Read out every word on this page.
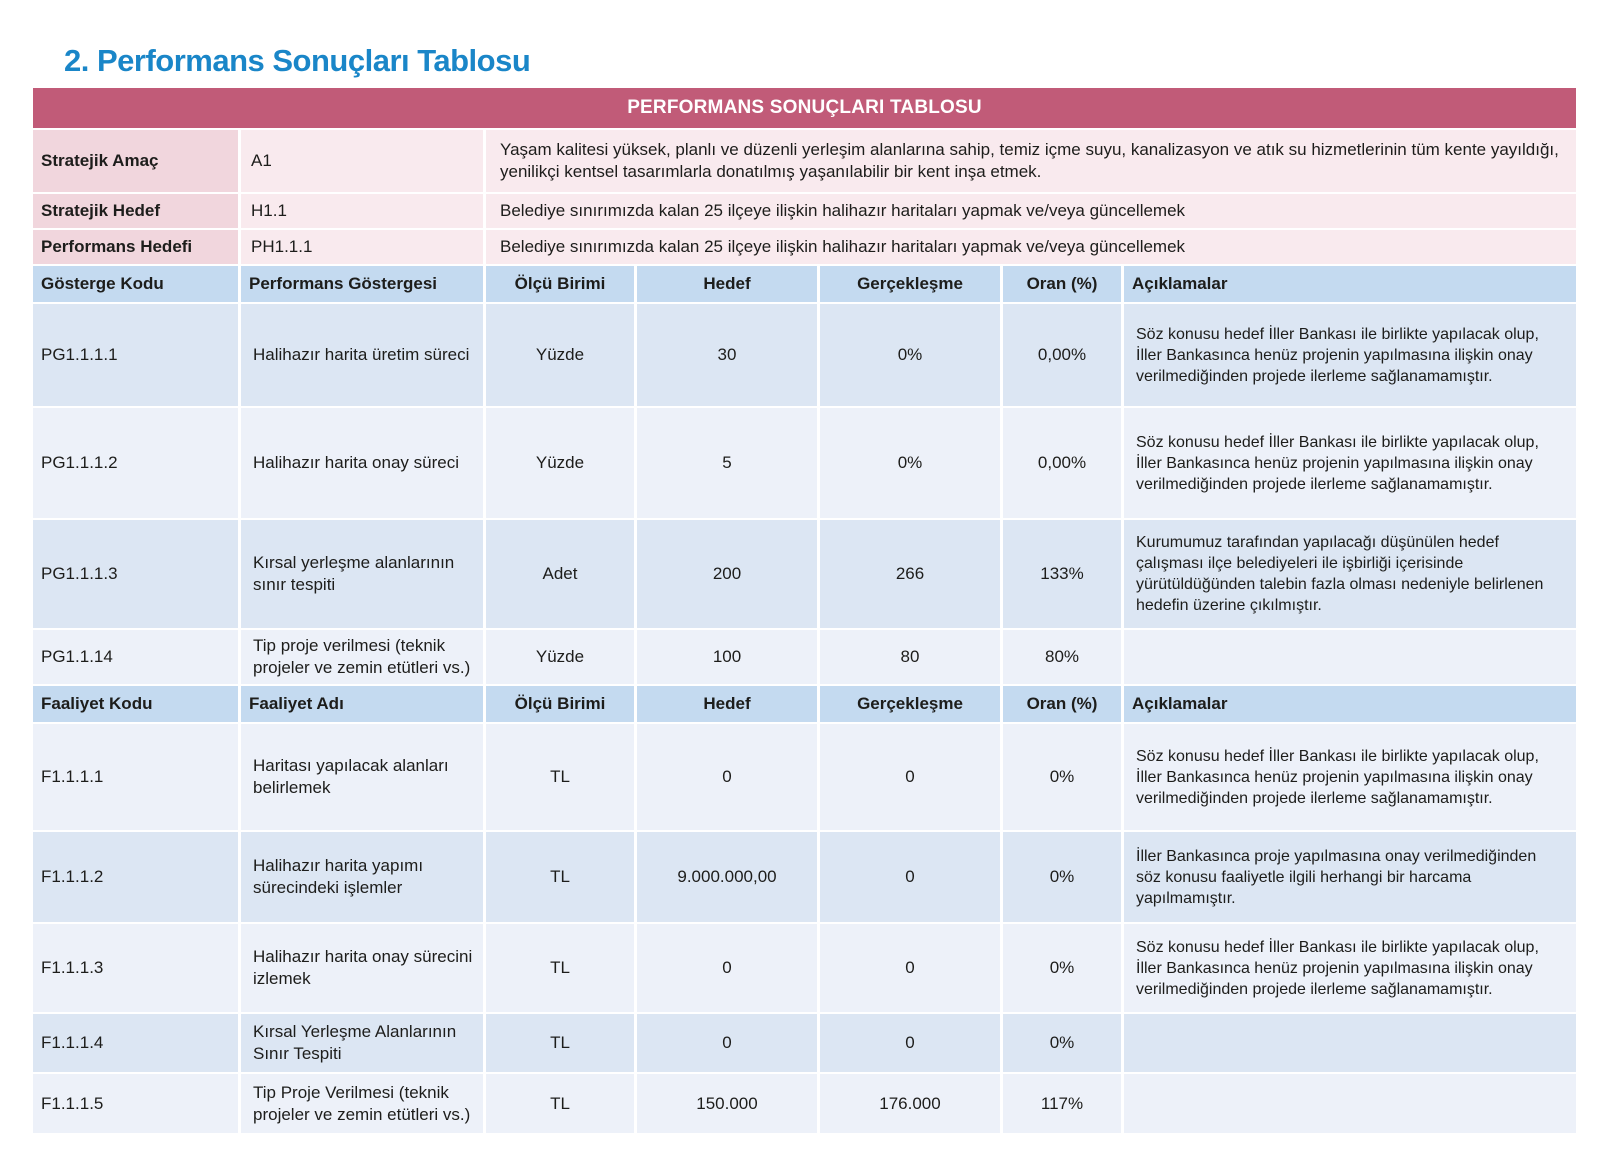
2. Performans Sonuçları Tablosu
PERFORMANS SONUÇLARI TABLOSU						
Stratejik Amaç	A1	Yaşam kalitesi yüksek, planlı ve düzenli yerleşim alanlarına sahip, temiz içme suyu, kanalizasyon ve atık su hizmetlerinin tüm kente yayıldığı, yenilikçi kentsel tasarımlarla donatılmış yaşanılabilir bir kent inşa etmek.				
Stratejik Hedef	H1.1	Belediye sınırımızda kalan 25 ilçeye ilişkin halihazır haritaları yapmak ve/veya güncellemek				
Performans Hedefi	PH1.1.1	Belediye sınırımızda kalan 25 ilçeye ilişkin halihazır haritaları yapmak ve/veya güncellemek				
Gösterge Kodu	Performans Göstergesi	Ölçü Birimi	Hedef	Gerçekleşme	Oran (%)	Açıklamalar
PG1.1.1.1	Halihazır harita üretim süreci	Yüzde	30	0%	0,00%	Söz konusu hedef İller Bankası ile birlikte yapılacak olup, İller Bankasınca henüz projenin yapılmasına ilişkin onay verilmediğinden projede ilerleme sağlanamamıştır.
PG1.1.1.2	Halihazır harita onay süreci	Yüzde	5	0%	0,00%	Söz konusu hedef İller Bankası ile birlikte yapılacak olup, İller Bankasınca henüz projenin yapılmasına ilişkin onay verilmediğinden projede ilerleme sağlanamamıştır.
PG1.1.1.3	Kırsal yerleşme alanlarının sınır tespiti	Adet	200	266	133%	Kurumumuz tarafından yapılacağı düşünülen hedef çalışması ilçe belediyeleri ile işbirliği içerisinde yürütüldüğünden talebin fazla olması nedeniyle belirlenen hedefin üzerine çıkılmıştır.
PG1.1.14	Tip proje verilmesi (teknik projeler ve zemin etütleri vs.)	Yüzde	100	80	80%	
Faaliyet Kodu	Faaliyet Adı	Ölçü Birimi	Hedef	Gerçekleşme	Oran (%)	Açıklamalar
F1.1.1.1	Haritası yapılacak alanları belirlemek	TL	0	0	0%	Söz konusu hedef İller Bankası ile birlikte yapılacak olup, İller Bankasınca henüz projenin yapılmasına ilişkin onay verilmediğinden projede ilerleme sağlanamamıştır.
F1.1.1.2	Halihazır harita yapımı sürecindeki işlemler	TL	9.000.000,00	0	0%	İller Bankasınca proje yapılmasına onay verilmediğinden söz konusu faaliyetle ilgili herhangi bir harcama yapılmamıştır.
F1.1.1.3	Halihazır harita onay sürecini izlemek	TL	0	0	0%	Söz konusu hedef İller Bankası ile birlikte yapılacak olup, İller Bankasınca henüz projenin yapılmasına ilişkin onay verilmediğinden projede ilerleme sağlanamamıştır.
F1.1.1.4	Kırsal Yerleşme Alanlarının Sınır Tespiti	TL	0	0	0%	
F1.1.1.5	Tip Proje Verilmesi (teknik projeler ve zemin etütleri vs.)	TL	150.000	176.000	117%	
